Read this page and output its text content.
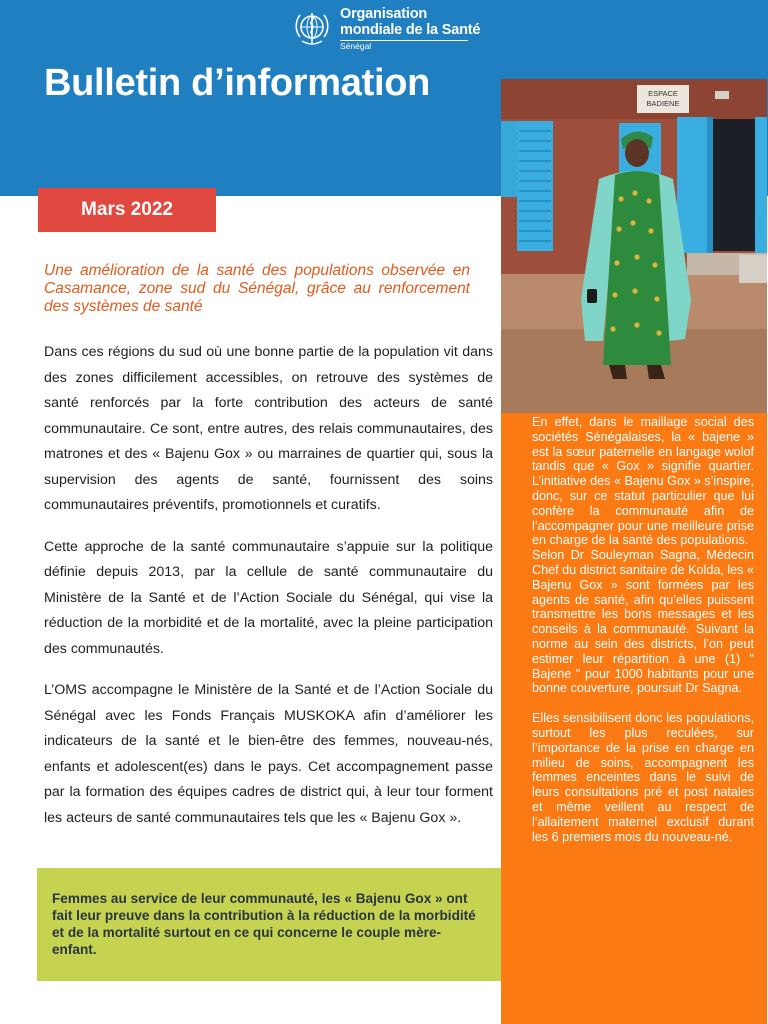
Organisation
mondiale de la Santé
Sénégal
Bulletin d’information
Mars 2022
ESPACE
BADIENE

Une amélioration de la santé des populations observée en Casamance, zone sud du Sénégal, grâce au renforcement des systèmes de santé

Dans ces régions du sud où une bonne partie de la population vit dans des zones difficilement accessibles, on retrouve des systèmes de santé renforcés par la forte contribution des acteurs de santé communautaire. Ce sont, entre autres, des relais communautaires, des matrones et des « Bajenu Gox » ou marraines de quartier qui, sous la supervision des agents de santé, fournissent des soins communautaires préventifs, promotionnels et curatifs.

Cette approche de la santé communautaire s’appuie sur la politique définie depuis 2013, par la cellule de santé communautaire du Ministère de la Santé et de l’Action Sociale du Sénégal, qui vise la réduction de la morbidité et de la mortalité, avec la pleine participation des communautés.

L’OMS accompagne le Ministère de la Santé et de l’Action Sociale du Sénégal avec les Fonds Français MUSKOKA afin d’améliorer les indicateurs de la santé et le bien-être des femmes, nouveau-nés, enfants et adolescent(es) dans le pays. Cet accompagnement passe par la formation des équipes cadres de district qui, à leur tour forment les acteurs de santé communautaires tels que les « Bajenu Gox ».

Femmes au service de leur communauté, les « Bajenu Gox » ont fait leur preuve dans la contribution à la réduction de la morbidité et de la mortalité surtout en ce qui concerne le couple mère-enfant.

En effet, dans le maillage social des sociétés Sénégalaises, la « bajene » est la sœur paternelle en langage wolof tandis que « Gox » signifie quartier. L’initiative des « Bajenu Gox » s’inspire, donc, sur ce statut particulier que lui confère la communauté afin de l’accompagner pour une meilleure prise en charge de la santé des populations.

Selon Dr Souleyman Sagna, Médecin Chef du district sanitaire de Kolda, les « Bajenu Gox » sont formées par les agents de santé, afin qu’elles puissent transmettre les bons messages et les conseils à la communauté. Suivant la norme au sein des districts, l’on peut estimer leur répartition à une (1) " Bajene " pour 1000 habitants pour une bonne couverture, poursuit Dr Sagna.

Elles sensibilisent donc les populations, surtout les plus reculées, sur l’importance de la prise en charge en milieu de soins, accompagnent les femmes enceintes dans le suivi de leurs consultations pré et post natales et même veillent au respect de l’allaitement maternel exclusif durant les 6 premiers mois du nouveau-né.
